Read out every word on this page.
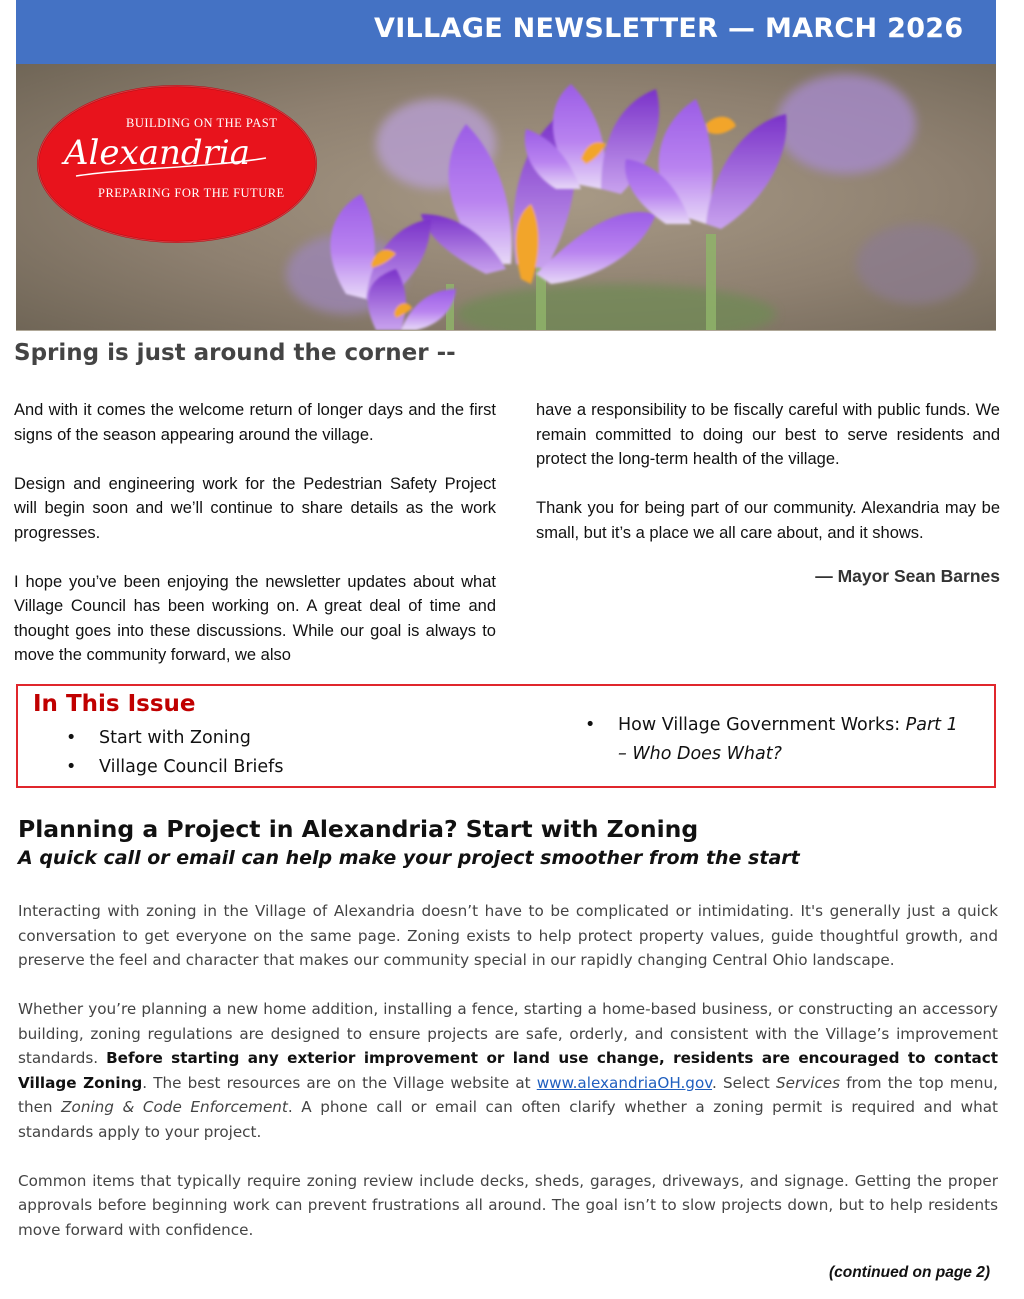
VILLAGE NEWSLETTER — MARCH 2026
BUILDING ON THE PAST
Alexandria
PREPARING FOR THE FUTURE
Spring is just around the corner --

And with it comes the welcome return of longer days and the first signs of the season appearing around the village.

Design and engineering work for the Pedestrian Safety Project will begin soon and we’ll continue to share details as the work progresses.

I hope you’ve been enjoying the newsletter updates about what Village Council has been working on. A great deal of time and thought goes into these discussions. While our goal is always to move the community forward, we also

have a responsibility to be fiscally careful with public funds. We remain committed to doing our best to serve residents and protect the long-term health of the village.

Thank you for being part of our community. Alexandria may be small, but it’s a place we all care about, and it shows.

— Mayor Sean Barnes

In This Issue
• Start with Zoning
• Village Council Briefs
• How Village Government Works: Part 1
– Who Does What?
Planning a Project in Alexandria? Start with Zoning
A quick call or email can help make your project smoother from the start

Interacting with zoning in the Village of Alexandria doesn’t have to be complicated or intimidating. It's generally just a quick conversation to get everyone on the same page. Zoning exists to help protect property values, guide thoughtful growth, and preserve the feel and character that makes our community special in our rapidly changing Central Ohio landscape.

Whether you’re planning a new home addition, installing a fence, starting a home-based business, or constructing an accessory building, zoning regulations are designed to ensure projects are safe, orderly, and consistent with the Village’s improvement standards. Before starting any exterior improvement or land use change, residents are encouraged to contact Village Zoning. The best resources are on the Village website at www.alexandriaOH.gov. Select Services from the top menu, then Zoning & Code Enforcement. A phone call or email can often clarify whether a zoning permit is required and what standards apply to your project.

Common items that typically require zoning review include decks, sheds, garages, driveways, and signage. Getting the proper approvals before beginning work can prevent frustrations all around. The goal isn’t to slow projects down, but to help residents move forward with confidence.

(continued on page 2)
